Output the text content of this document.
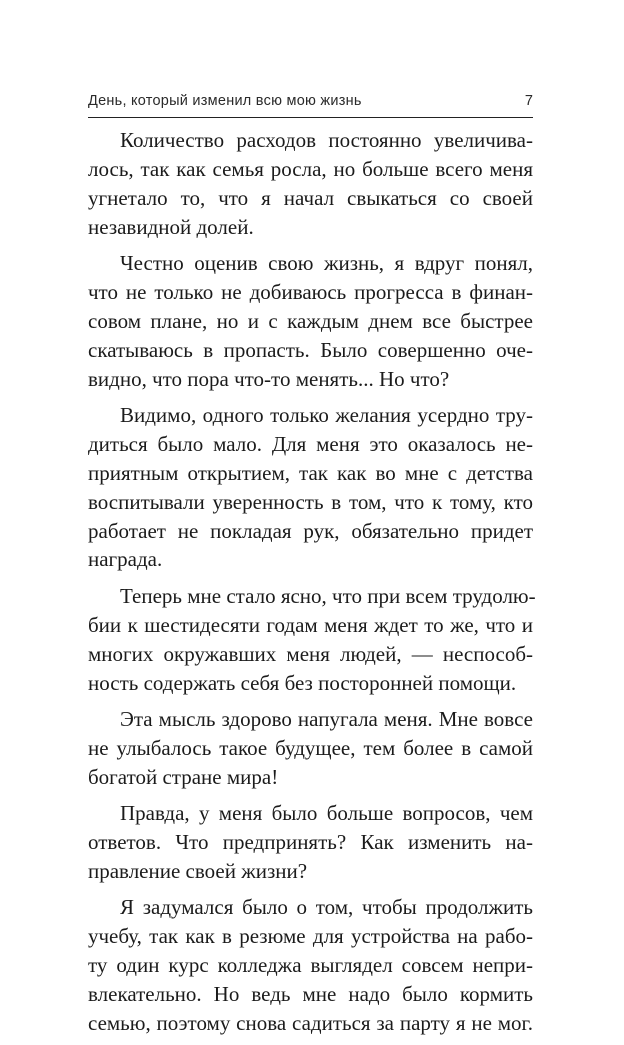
День, который изменил всю мою жизнь	7

Количество расходов постоянно увеличива-
лось, так как семья росла, но больше всего меня
угнетало то, что я начал свыкаться со своей
незавидной долей.

Честно оценив свою жизнь, я вдруг понял,
что не только не добиваюсь прогресса в финан-
совом плане, но и с каждым днем все быстрее
скатываюсь в пропасть. Было совершенно оче-
видно, что пора что-то менять... Но что?

Видимо, одного только желания усердно тру-
диться было мало. Для меня это оказалось не-
приятным открытием, так как во мне с детства
воспитывали уверенность в том, что к тому, кто
работает не покладая рук, обязательно придет
награда.

Теперь мне стало ясно, что при всем трудолю-
бии к шестидесяти годам меня ждет то же, что и
многих окружавших меня людей, — неспособ-
ность содержать себя без посторонней помощи.

Эта мысль здорово напугала меня. Мне вовсе
не улыбалось такое будущее, тем более в самой
богатой стране мира!

Правда, у меня было больше вопросов, чем
ответов. Что предпринять? Как изменить на-
правление своей жизни?

Я задумался было о том, чтобы продолжить
учебу, так как в резюме для устройства на рабо-
ту один курс колледжа выглядел совсем непри-
влекательно. Но ведь мне надо было кормить
семью, поэтому снова садиться за парту я не мог.
